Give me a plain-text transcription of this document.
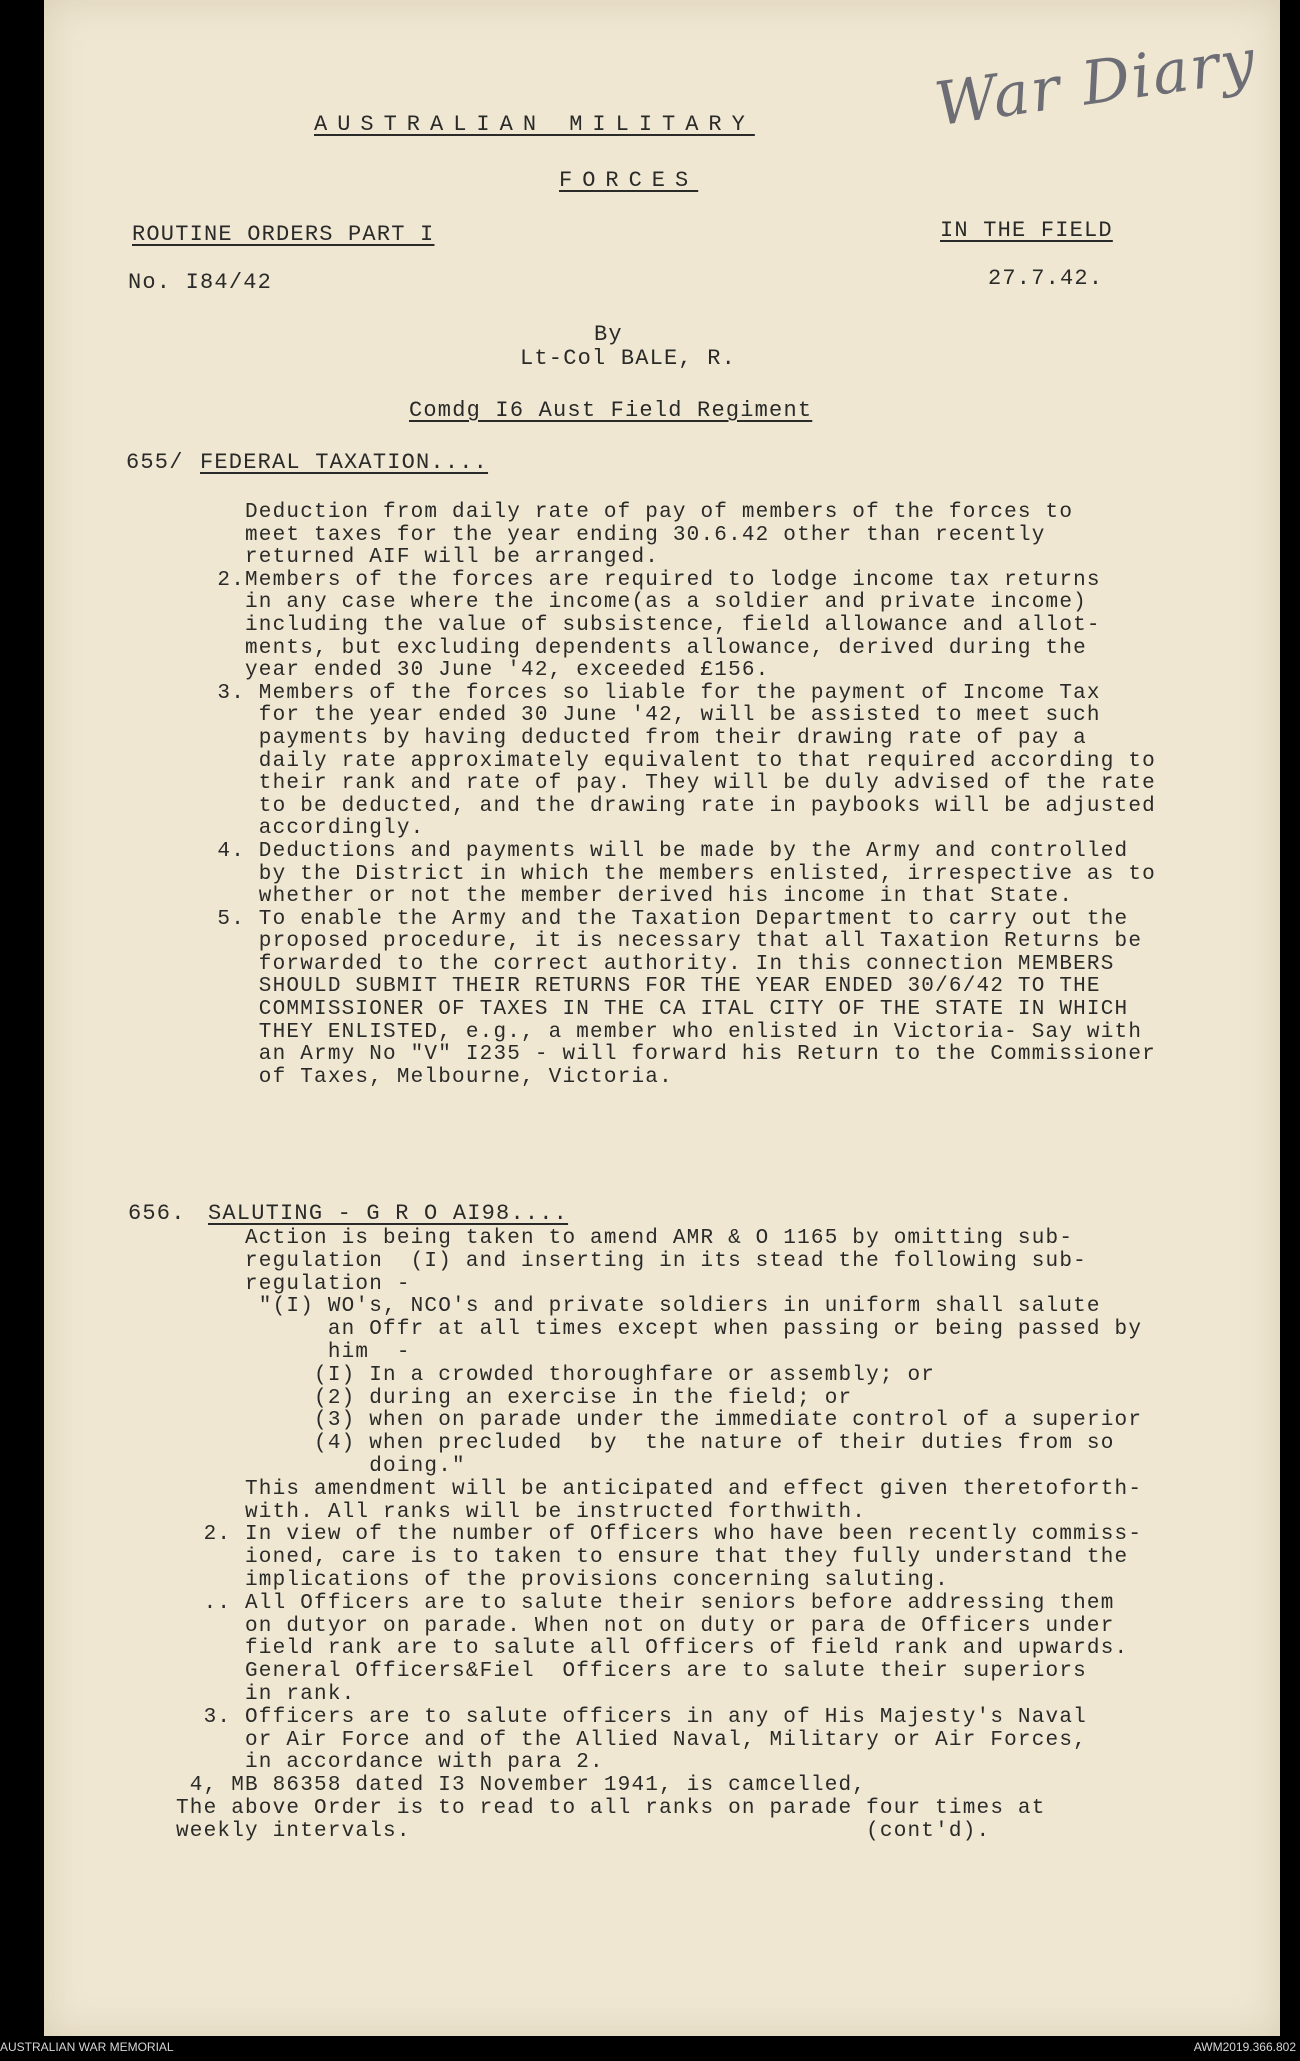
War Diary
AUSTRALIAN MILITARY
FORCES
ROUTINE ORDERS PART I	IN THE FIELD
No. I84/42	27.7.42.
By
Lt-Col BALE, R.
Comdg I6 Aust Field Regiment
655/ FEDERAL TAXATION....
Deduction from daily rate of pay of members of the forces to
meet taxes for the year ending 30.6.42 other than recently
returned AIF will be arranged.
2.Members of the forces are required to lodge income tax returns
in any case where the income(as a soldier and private income)
including the value of subsistence, field allowance and allot-
ments, but excluding dependents allowance, derived during the
year ended 30 June '42, exceeded £156.
3. Members of the forces so liable for the payment of Income Tax
for the year ended 30 June '42, will be assisted to meet such
payments by having deducted from their drawing rate of pay a
daily rate approximately equivalent to that required according to
their rank and rate of pay. They will be duly advised of the rate
to be deducted, and the drawing rate in paybooks will be adjusted
accordingly.
4. Deductions and payments will be made by the Army and controlled
by the District in which the members enlisted, irrespective as to
whether or not the member derived his income in that State.
5. To enable the Army and the Taxation Department to carry out the
proposed procedure, it is necessary that all Taxation Returns be
forwarded to the correct authority. In this connection MEMBERS
SHOULD SUBMIT THEIR RETURNS FOR THE YEAR ENDED 30/6/42 TO THE
COMMISSIONER OF TAXES IN THE CA ITAL CITY OF THE STATE IN WHICH
THEY ENLISTED, e.g., a member who enlisted in Victoria- Say with
an Army No "V" I235 - will forward his Return to the Commissioner
of Taxes, Melbourne, Victoria.
656. SALUTING - G R O AI98....
Action is being taken to amend AMR & O 1165 by omitting sub-
regulation  (I) and inserting in its stead the following sub-
regulation -
"(I) WO's, NCO's and private soldiers in uniform shall salute
an Offr at all times except when passing or being passed by
him  -
(I) In a crowded thoroughfare or assembly; or
(2) during an exercise in the field; or
(3) when on parade under the immediate control of a superior
(4) when precluded  by  the nature of their duties from so
doing."
This amendment will be anticipated and effect given theretoforth-
with. All ranks will be instructed forthwith.
2. In view of the number of Officers who have been recently commiss-
ioned, care is to taken to ensure that they fully understand the
implications of the provisions concerning saluting.
.. All Officers are to salute their seniors before addressing them
on dutyor on parade. When not on duty or para de Officers under
field rank are to salute all Officers of field rank and upwards.
General Officers&Fiel  Officers are to salute their superiors
in rank.
3. Officers are to salute officers in any of His Majesty's Naval
or Air Force and of the Allied Naval, Military or Air Forces,
in accordance with para 2.
4, MB 86358 dated I3 November 1941, is camcelled,
The above Order is to read to all ranks on parade four times at
weekly intervals.                                 (cont'd).
AUSTRALIAN WAR MEMORIAL	AWM2019.366.802
